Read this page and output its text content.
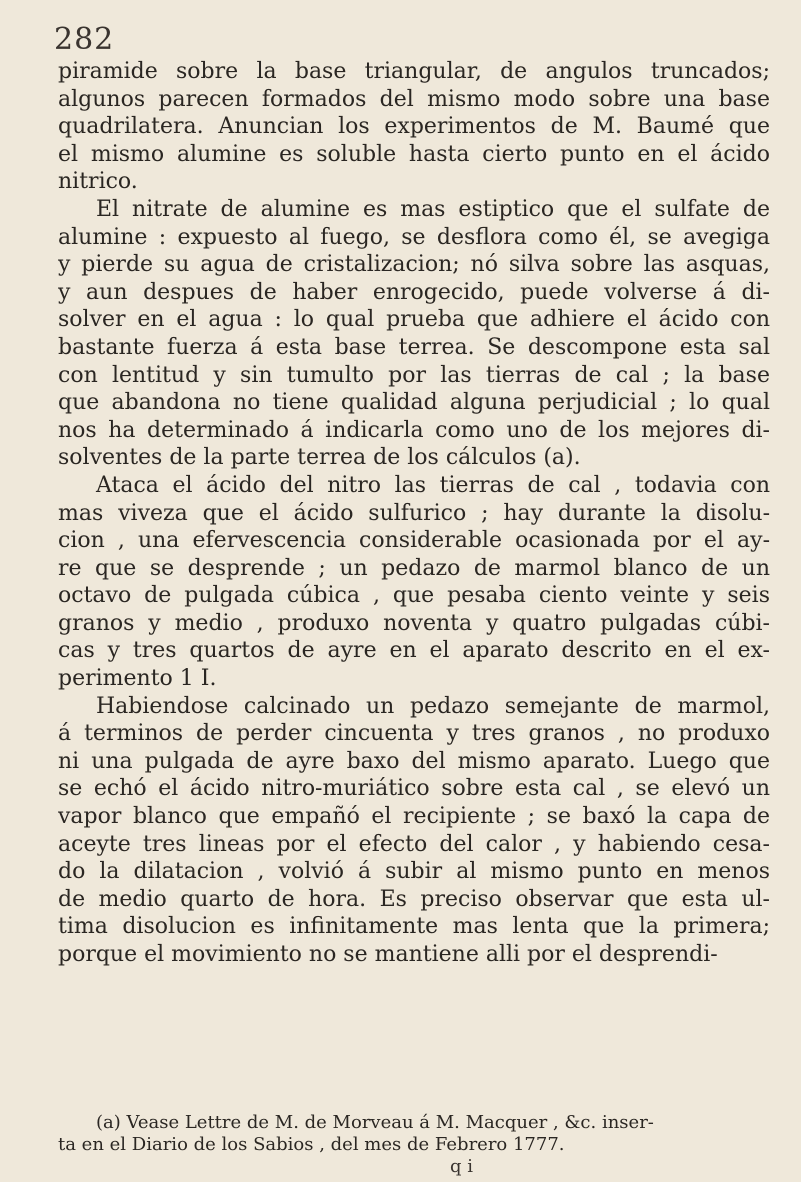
282
piramide sobre la base triangular, de angulos truncados;
algunos parecen formados del mismo modo sobre una base
quadrilatera. Anuncian los experimentos de M. Baumé que
el mismo alumine es soluble hasta cierto punto en el ácido
nitrico.
El nitrate de alumine es mas estiptico que el sulfate de
alumine : expuesto al fuego, se desflora como él, se avegiga
y pierde su agua de cristalizacion; nó silva sobre las asquas,
y aun despues de haber enrogecido, puede volverse á di-
solver en el agua : lo qual prueba que adhiere el ácido con
bastante fuerza á esta base terrea. Se descompone esta sal
con lentitud y sin tumulto por las tierras de cal ; la base
que abandona no tiene qualidad alguna perjudicial ; lo qual
nos ha determinado á indicarla como uno de los mejores di-
solventes de la parte terrea de los cálculos (a).
Ataca el ácido del nitro las tierras de cal , todavia con
mas viveza que el ácido sulfurico ; hay durante la disolu-
cion , una efervescencia considerable ocasionada por el ay-
re que se desprende ; un pedazo de marmol blanco de un
octavo de pulgada cúbica , que pesaba ciento veinte y seis
granos y medio , produxo noventa y quatro pulgadas cúbi-
cas y tres quartos de ayre en el aparato descrito en el ex-
perimento 1 I.
Habiendose calcinado un pedazo semejante de marmol,
á terminos de perder cincuenta y tres granos , no produxo
ni una pulgada de ayre baxo del mismo aparato. Luego que
se echó el ácido nitro-muriático sobre esta cal , se elevó un
vapor blanco que empañó el recipiente ; se baxó la capa de
aceyte tres lineas por el efecto del calor , y habiendo cesa-
do la dilatacion , volvió á subir al mismo punto en menos
de medio quarto de hora. Es preciso observar que esta ul-
tima disolucion es infinitamente mas lenta que la primera;
porque el movimiento no se mantiene alli por el desprendi-
(a) Vease Lettre de M. de Morveau á M. Macquer , &c. inser-
ta en el Diario de los Sabios , del mes de Febrero 1777.
q i
